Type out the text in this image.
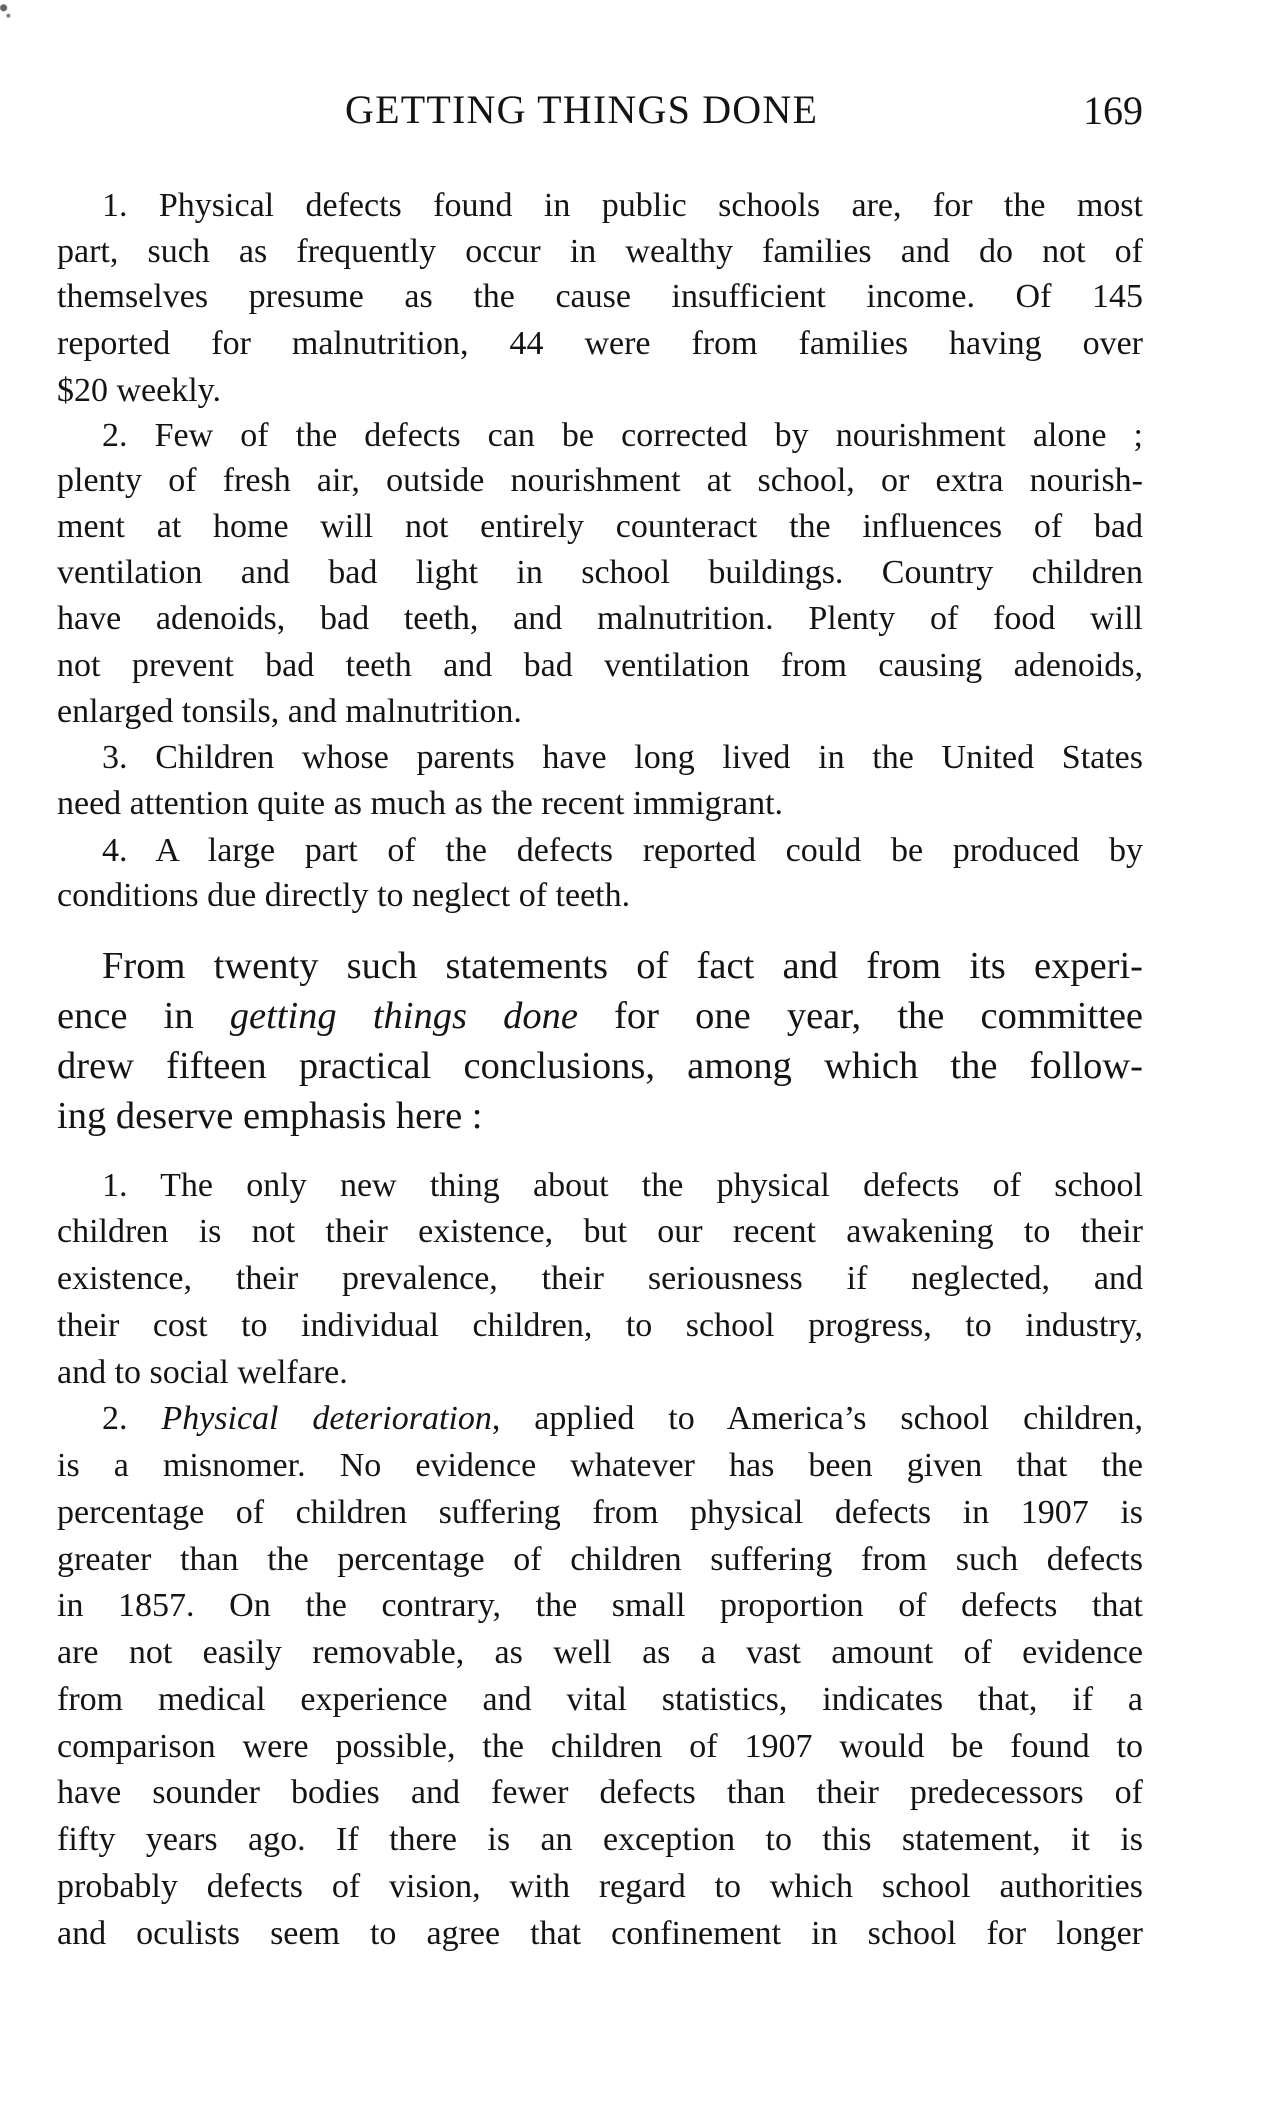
GETTING THINGS DONE	169
1. Physical defects found in public schools are, for the most
part, such as frequently occur in wealthy families and do not of
themselves presume as the cause insufficient income. Of 145
reported for malnutrition, 44 were from families having over
$20 weekly.
2. Few of the defects can be corrected by nourishment alone ;
plenty of fresh air, outside nourishment at school, or extra nourish-
ment at home will not entirely counteract the influences of bad
ventilation and bad light in school buildings. Country children
have adenoids, bad teeth, and malnutrition. Plenty of food will
not prevent bad teeth and bad ventilation from causing adenoids,
enlarged tonsils, and malnutrition.
3. Children whose parents have long lived in the United States
need attention quite as much as the recent immigrant.
4. A large part of the defects reported could be produced by
conditions due directly to neglect of teeth.
From twenty such statements of fact and from its experi-
ence in getting things done for one year, the committee
drew fifteen practical conclusions, among which the follow-
ing deserve emphasis here :
1. The only new thing about the physical defects of school
children is not their existence, but our recent awakening to their
existence, their prevalence, their seriousness if neglected, and
their cost to individual children, to school progress, to industry,
and to social welfare.
2. Physical deterioration, applied to America’s school children,
is a misnomer. No evidence whatever has been given that the
percentage of children suffering from physical defects in 1907 is
greater than the percentage of children suffering from such defects
in 1857. On the contrary, the small proportion of defects that
are not easily removable, as well as a vast amount of evidence
from medical experience and vital statistics, indicates that, if a
comparison were possible, the children of 1907 would be found to
have sounder bodies and fewer defects than their predecessors of
fifty years ago. If there is an exception to this statement, it is
probably defects of vision, with regard to which school authorities
and oculists seem to agree that confinement in school for longer
